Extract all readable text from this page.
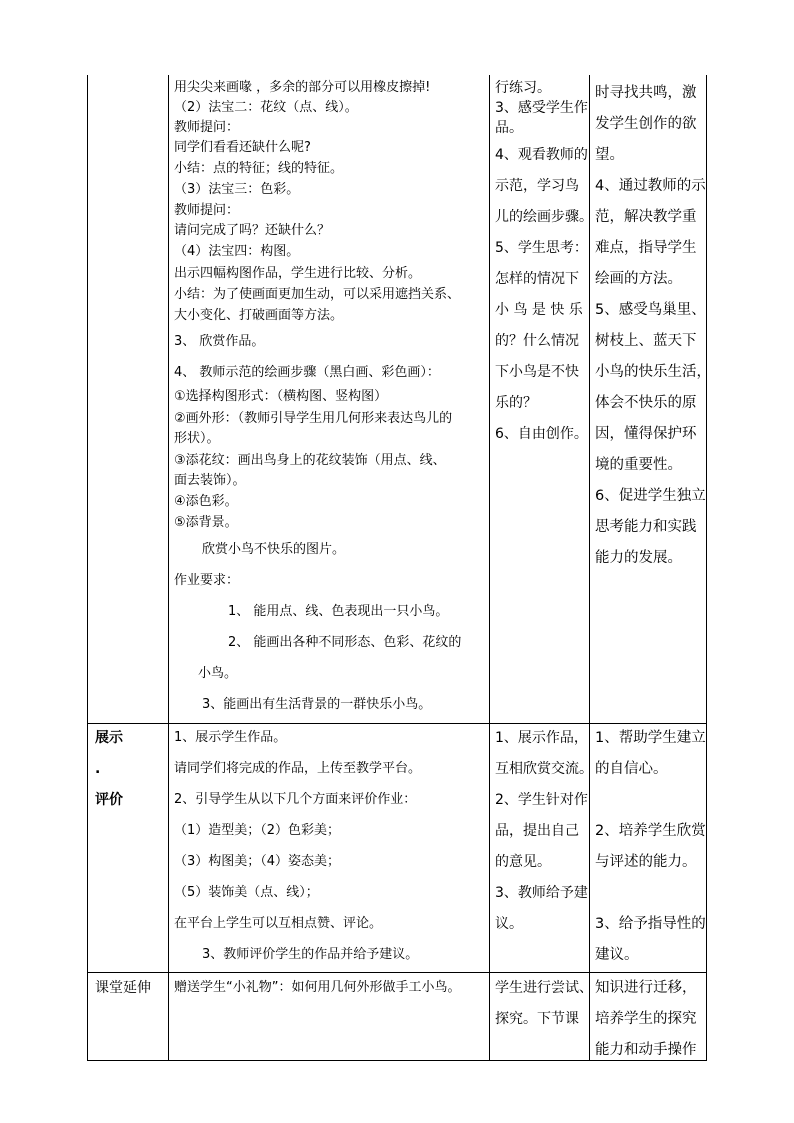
用尖尖来画喙 ，多余的部分可以用橡皮擦掉!
（2）法宝二：花纹（点、线）。
教师提问：
同学们看看还缺什么呢?
小结：点的特征；线的特征。
（3）法宝三：色彩。
教师提问：
请问完成了吗？还缺什么？
（4）法宝四：构图。
出示四幅构图作品，学生进行比较、分析。
小结：为了使画面更加生动，可以采用遮挡关系、
大小变化、打破画面等方法。
3、 欣赏作品。
4、 教师示范的绘画步骤（黑白画、彩色画）：
①选择构图形式：（横构图、竖构图）
②画外形：（教师引导学生用几何形来表达鸟儿的
形状）。
③添花纹：画出鸟身上的花纹装饰（用点、线、
面去装饰）。
④添色彩。
⑤添背景。
欣赏小鸟不快乐的图片。
作业要求：
1、 能用点、线、色表现出一只小鸟。
2、 能画出各种不同形态、色彩、花纹的
小鸟。
3、能画出有生活背景的一群快乐小鸟。
行练习。
3、感受学生作
品。
4、观看教师的
示范，学习鸟
儿的绘画步骤。
5、学生思考：
怎样的情况下
小 鸟 是 快 乐
的？什么情况
下小鸟是不快
乐的？
6、自由创作。
时寻找共鸣，激
发学生创作的欲
望。
4、通过教师的示
范，解决教学重
难点，指导学生
绘画的方法。
5、感受鸟巢里、
树枝上、蓝天下
小鸟的快乐生活，
体会不快乐的原
因，懂得保护环
境的重要性。
6、促进学生独立
思考能力和实践
能力的发展。
展示
.
评价
1、展示学生作品。
请同学们将完成的作品，上传至教学平台。
2、引导学生从以下几个方面来评价作业：
（1）造型美；（2）色彩美；
（3）构图美；（4）姿态美；
（5）装饰美（点、线）；
在平台上学生可以互相点赞、评论。
3、教师评价学生的作品并给予建议。
1、展示作品，
互相欣赏交流。
2、学生针对作
品，提出自己
的意见。
3、教师给予建
议。
1、帮助学生建立
的自信心。
2、培养学生欣赏
与评述的能力。
3、给予指导性的
建议。
课堂延伸 赠送学生“小礼物”：如何用几何外形做手工小鸟。 学生进行尝试、
探究。下节课
知识进行迁移，
培养学生的探究
能力和动手操作
